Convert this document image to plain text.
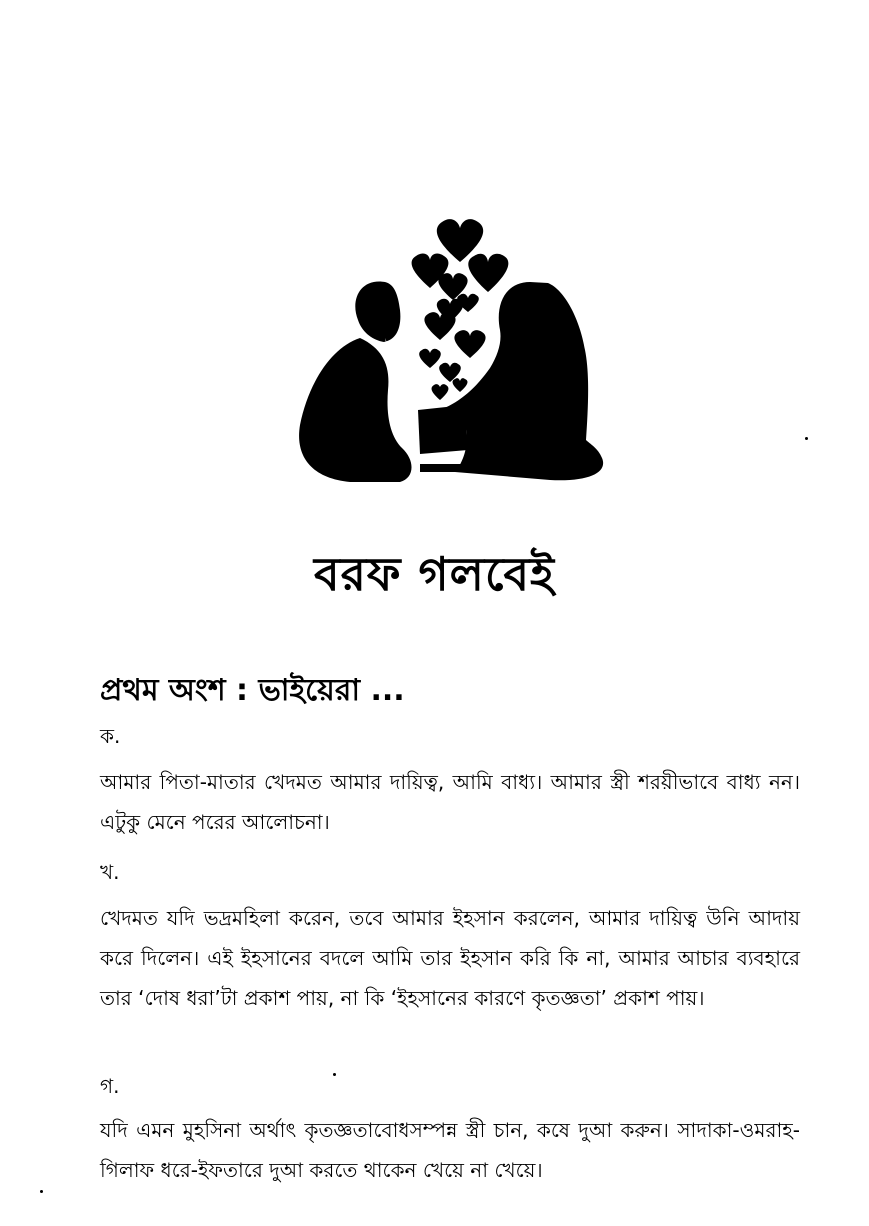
বরফ গলবেই
প্রথম অংশ : ভাইয়েরা ...
ক.
আমার পিতা-মাতার খেদমত আমার দায়িত্ব, আমি বাধ্য। আমার স্ত্রী শরয়ীভাবে বাধ্য নন। এটুকু মেনে পরের আলোচনা।
খ.
খেদমত যদি ভদ্রমহিলা করেন, তবে আমার ইহসান করলেন, আমার দায়িত্ব উনি আদায় করে দিলেন। এই ইহসানের বদলে আমি তার ইহসান করি কি না, আমার আচার ব্যবহারে তার ‘দোষ ধরা’টা প্রকাশ পায়, না কি ‘ইহসানের কারণে কৃতজ্ঞতা’ প্রকাশ পায়।
গ.
যদি এমন মুহসিনা অর্থাৎ কৃতজ্ঞতাবোধসম্পন্ন স্ত্রী চান, কষে দুআ করুন। সাদাকা-ওমরাহ-গিলাফ ধরে-ইফতারে দুআ করতে থাকেন খেয়ে না খেয়ে।
